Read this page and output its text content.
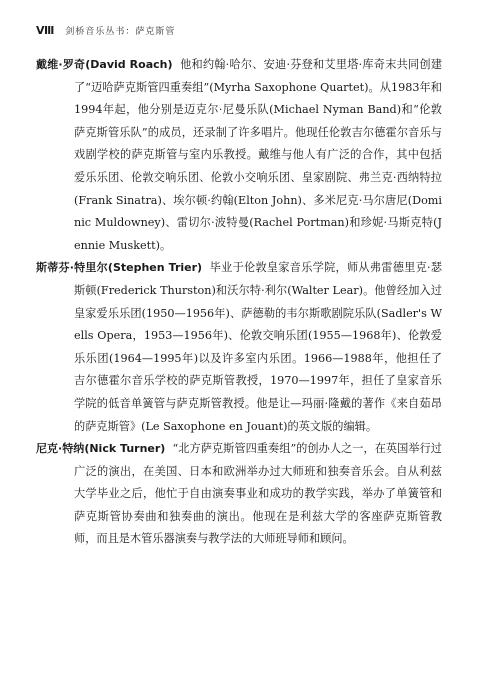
Ⅷ 剑桥音乐丛书：萨克斯管

戴维·罗奇(David Roach) 他和约翰·哈尔、安迪·芬登和艾里塔·库奇末共同创建了“迈哈萨克斯管四重奏组”(Myrha Saxophone Quartet)。从1983年和1994年起，他分别是迈克尔·尼曼乐队(Michael Nyman Band)和“伦敦萨克斯管乐队”的成员，还录制了许多唱片。他现任伦敦吉尔德霍尔音乐与戏剧学校的萨克斯管与室内乐教授。戴维与他人有广泛的合作，其中包括爱乐乐团、伦敦交响乐团、伦敦小交响乐团、皇家剧院、弗兰克·西纳特拉(Frank Sinatra)、埃尔顿·约翰(Elton John)、多米尼克·马尔唐尼(Dominic Muldowney)、雷切尔·波特曼(Rachel Portman)和珍妮·马斯克特(Jennie Muskett)。

斯蒂芬·特里尔(Stephen Trier) 毕业于伦敦皇家音乐学院，师从弗雷德里克·瑟斯顿(Frederick Thurston)和沃尔特·利尔(Walter Lear)。他曾经加入过皇家爱乐乐团(1950—1956年)、萨德勒的韦尔斯歌剧院乐队(Sadler's Wells Opera，1953—1956年)、伦敦交响乐团(1955—1968年)、伦敦爱乐乐团(1964—1995年)以及许多室内乐团。1966—1988年，他担任了吉尔德霍尔音乐学校的萨克斯管教授，1970—1997年，担任了皇家音乐学院的低音单簧管与萨克斯管教授。他是让—玛丽·隆戴的著作《来自茹昂的萨克斯管》(Le Saxophone en Jouant)的英文版的编辑。

尼克·特纳(Nick Turner) “北方萨克斯管四重奏组”的创办人之一，在英国举行过广泛的演出，在美国、日本和欧洲举办过大师班和独奏音乐会。自从利兹大学毕业之后，他忙于自由演奏事业和成功的教学实践，举办了单簧管和萨克斯管协奏曲和独奏曲的演出。他现在是利兹大学的客座萨克斯管教师，而且是木管乐器演奏与教学法的大师班导师和顾问。
